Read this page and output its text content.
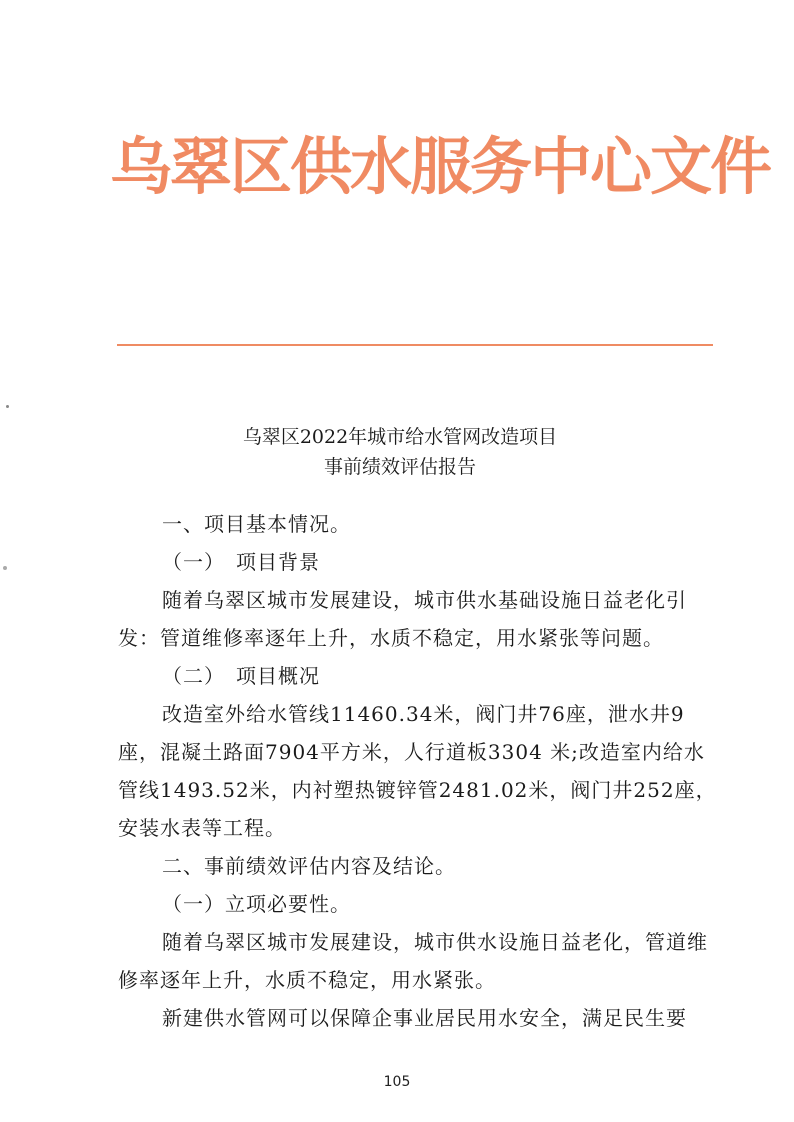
乌翠区供水服务中心文件
乌翠区2022年城市给水管网改造项目
事前绩效评估报告

一、项目基本情况。

（一）　项目背景

随着乌翠区城市发展建设，城市供水基础设施日益老化引发：管道维修率逐年上升，水质不稳定，用水紧张等问题。

（二）　项目概况

改造室外给水管线11460.34米，阀门井76座，泄水井9座，混凝土路面7904平方米，人行道板3304 米;改造室内给水管线1493.52米，内衬塑热镀锌管2481.02米，阀门井252座，安装水表等工程。

二、事前绩效评估内容及结论。

（一）立项必要性。

随着乌翠区城市发展建设，城市供水设施日益老化，管道维修率逐年上升，水质不稳定，用水紧张。

新建供水管网可以保障企事业居民用水安全，满足民生要

105
